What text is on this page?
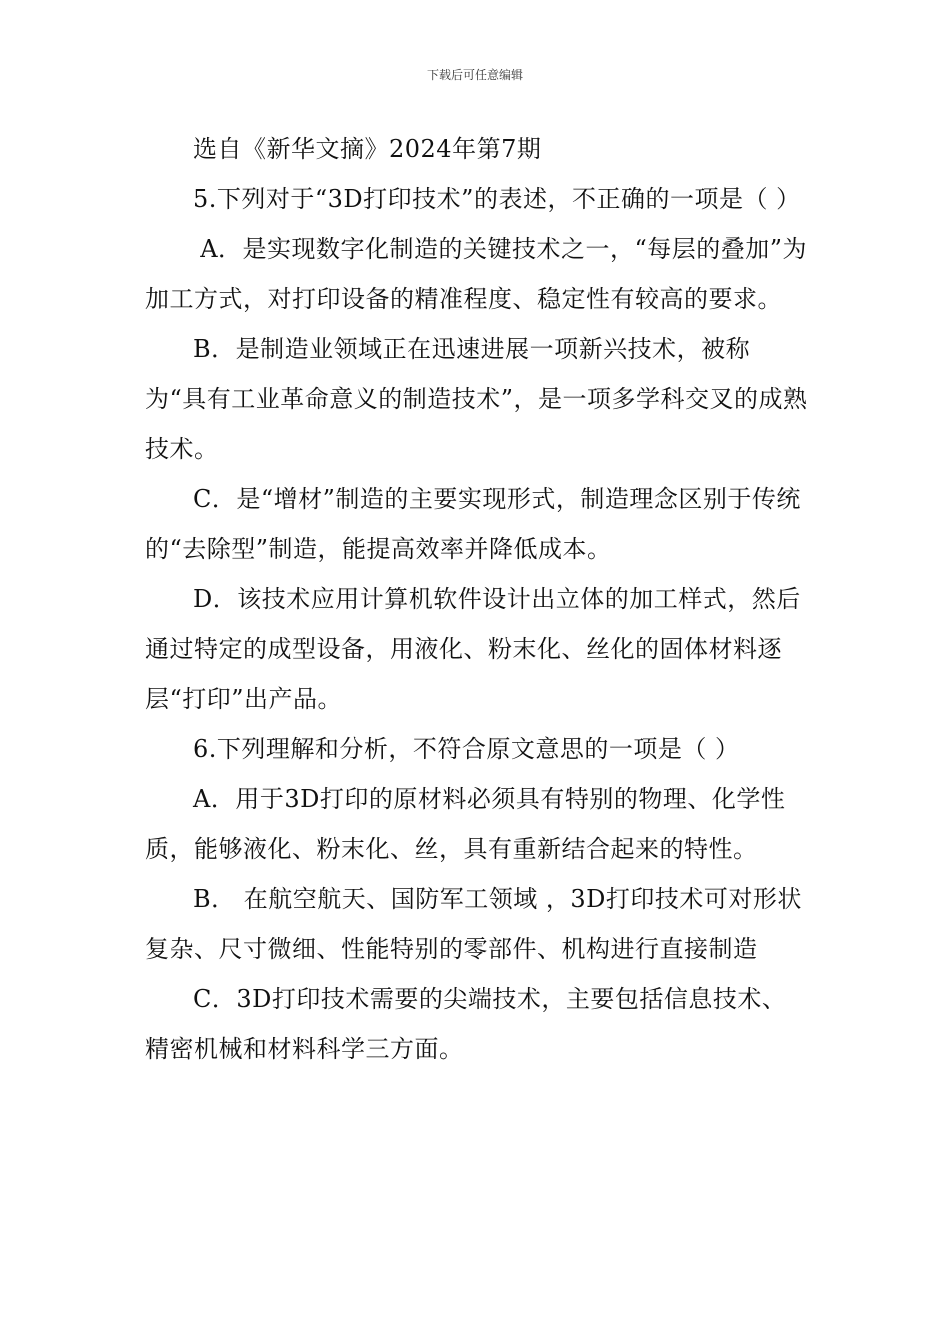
下载后可任意编辑

选自《新华文摘》2024年第7期

5.下列对于“3D打印技术”的表述，不正确的一项是（ ）

A．是实现数字化制造的关键技术之一，“每层的叠加”为加工方式，对打印设备的精准程度、稳定性有较高的要求。

B．是制造业领域正在迅速进展一项新兴技术，被称为“具有工业革命意义的制造技术”，是一项多学科交叉的成熟技术。

C．是“增材”制造的主要实现形式，制造理念区别于传统的“去除型”制造，能提高效率并降低成本。

D．该技术应用计算机软件设计出立体的加工样式，然后通过特定的成型设备，用液化、粉末化、丝化的固体材料逐层“打印”出产品。

6.下列理解和分析，不符合原文意思的一项是（ ）

A．用于3D打印的原材料必须具有特别的物理、化学性质，能够液化、粉末化、丝，具有重新结合起来的特性。

B． 在航空航天、国防军工领域 ，3D打印技术可对形状复杂、尺寸微细、性能特别的零部件、机构进行直接制造

C．3D打印技术需要的尖端技术，主要包括信息技术、精密机械和材料科学三方面。
